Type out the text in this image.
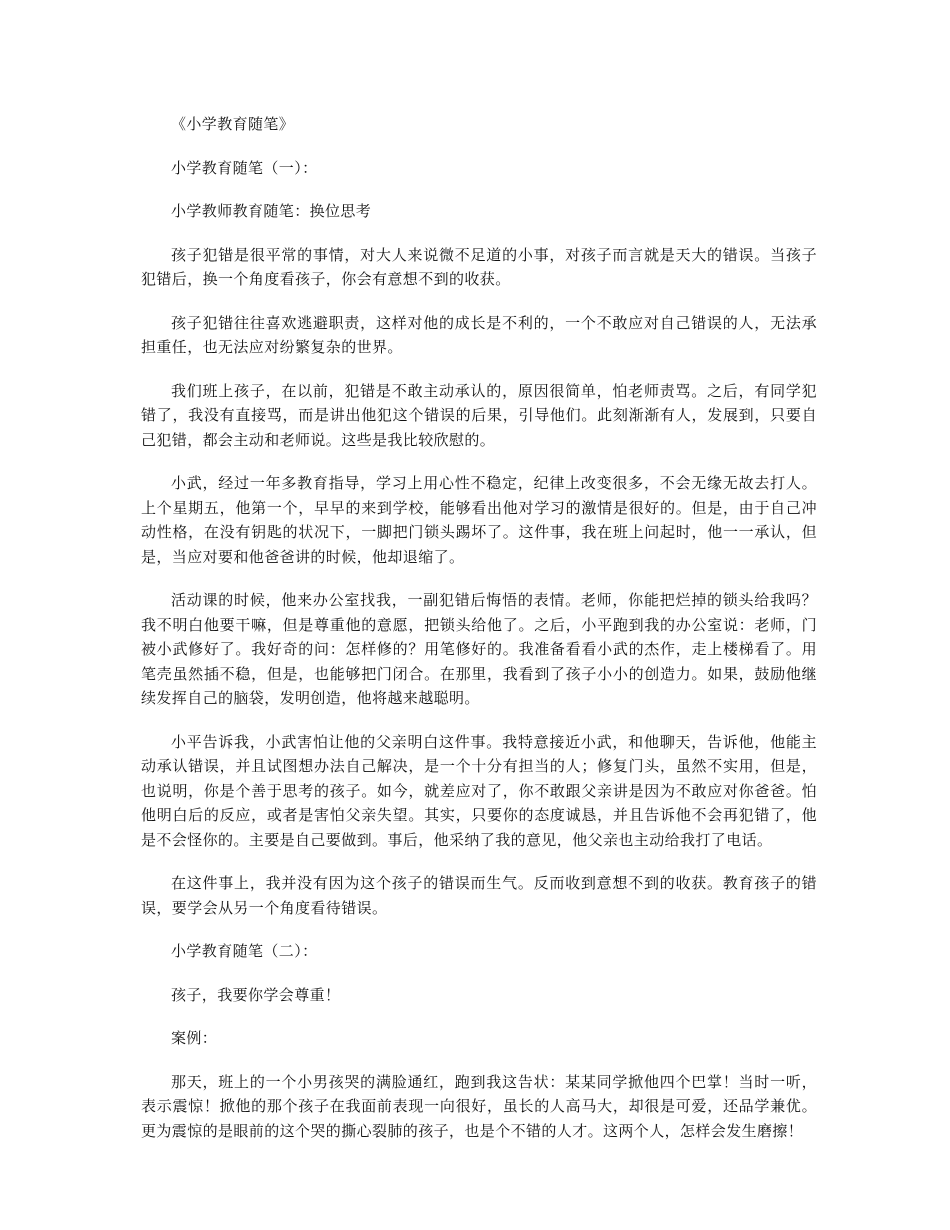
《小学教育随笔》

小学教育随笔（一）：

小学教师教育随笔：换位思考

孩子犯错是很平常的事情，对大人来说微不足道的小事，对孩子而言就是天大的错误。当孩子犯错后，换一个角度看孩子，你会有意想不到的收获。

孩子犯错往往喜欢逃避职责，这样对他的成长是不利的，一个不敢应对自己错误的人，无法承担重任，也无法应对纷繁复杂的世界。

我们班上孩子，在以前，犯错是不敢主动承认的，原因很简单，怕老师责骂。之后，有同学犯错了，我没有直接骂，而是讲出他犯这个错误的后果，引导他们。此刻渐渐有人，发展到，只要自己犯错，都会主动和老师说。这些是我比较欣慰的。

小武，经过一年多教育指导，学习上用心性不稳定，纪律上改变很多，不会无缘无故去打人。上个星期五，他第一个，早早的来到学校，能够看出他对学习的激情是很好的。但是，由于自己冲动性格，在没有钥匙的状况下，一脚把门锁头踢坏了。这件事，我在班上问起时，他一一承认，但是，当应对要和他爸爸讲的时候，他却退缩了。

活动课的时候，他来办公室找我，一副犯错后悔悟的表情。老师，你能把烂掉的锁头给我吗？我不明白他要干嘛，但是尊重他的意愿，把锁头给他了。之后，小平跑到我的办公室说：老师，门被小武修好了。我好奇的问：怎样修的？用笔修好的。我准备看看小武的杰作，走上楼梯看了。用笔壳虽然插不稳，但是，也能够把门闭合。在那里，我看到了孩子小小的创造力。如果，鼓励他继续发挥自己的脑袋，发明创造，他将越来越聪明。

小平告诉我，小武害怕让他的父亲明白这件事。我特意接近小武，和他聊天，告诉他，他能主动承认错误，并且试图想办法自己解决，是一个十分有担当的人；修复门头，虽然不实用，但是，也说明，你是个善于思考的孩子。如今，就差应对了，你不敢跟父亲讲是因为不敢应对你爸爸。怕他明白后的反应，或者是害怕父亲失望。其实，只要你的态度诚恳，并且告诉他不会再犯错了，他是不会怪你的。主要是自己要做到。事后，他采纳了我的意见，他父亲也主动给我打了电话。

在这件事上，我并没有因为这个孩子的错误而生气。反而收到意想不到的收获。教育孩子的错误，要学会从另一个角度看待错误。

小学教育随笔（二）：

孩子，我要你学会尊重！

案例：

那天，班上的一个小男孩哭的满脸通红，跑到我这告状：某某同学掀他四个巴掌！当时一听，表示震惊！掀他的那个孩子在我面前表现一向很好，虽长的人高马大，却很是可爱，还品学兼优。更为震惊的是眼前的这个哭的撕心裂肺的孩子，也是个不错的人才。这两个人，怎样会发生磨擦！
